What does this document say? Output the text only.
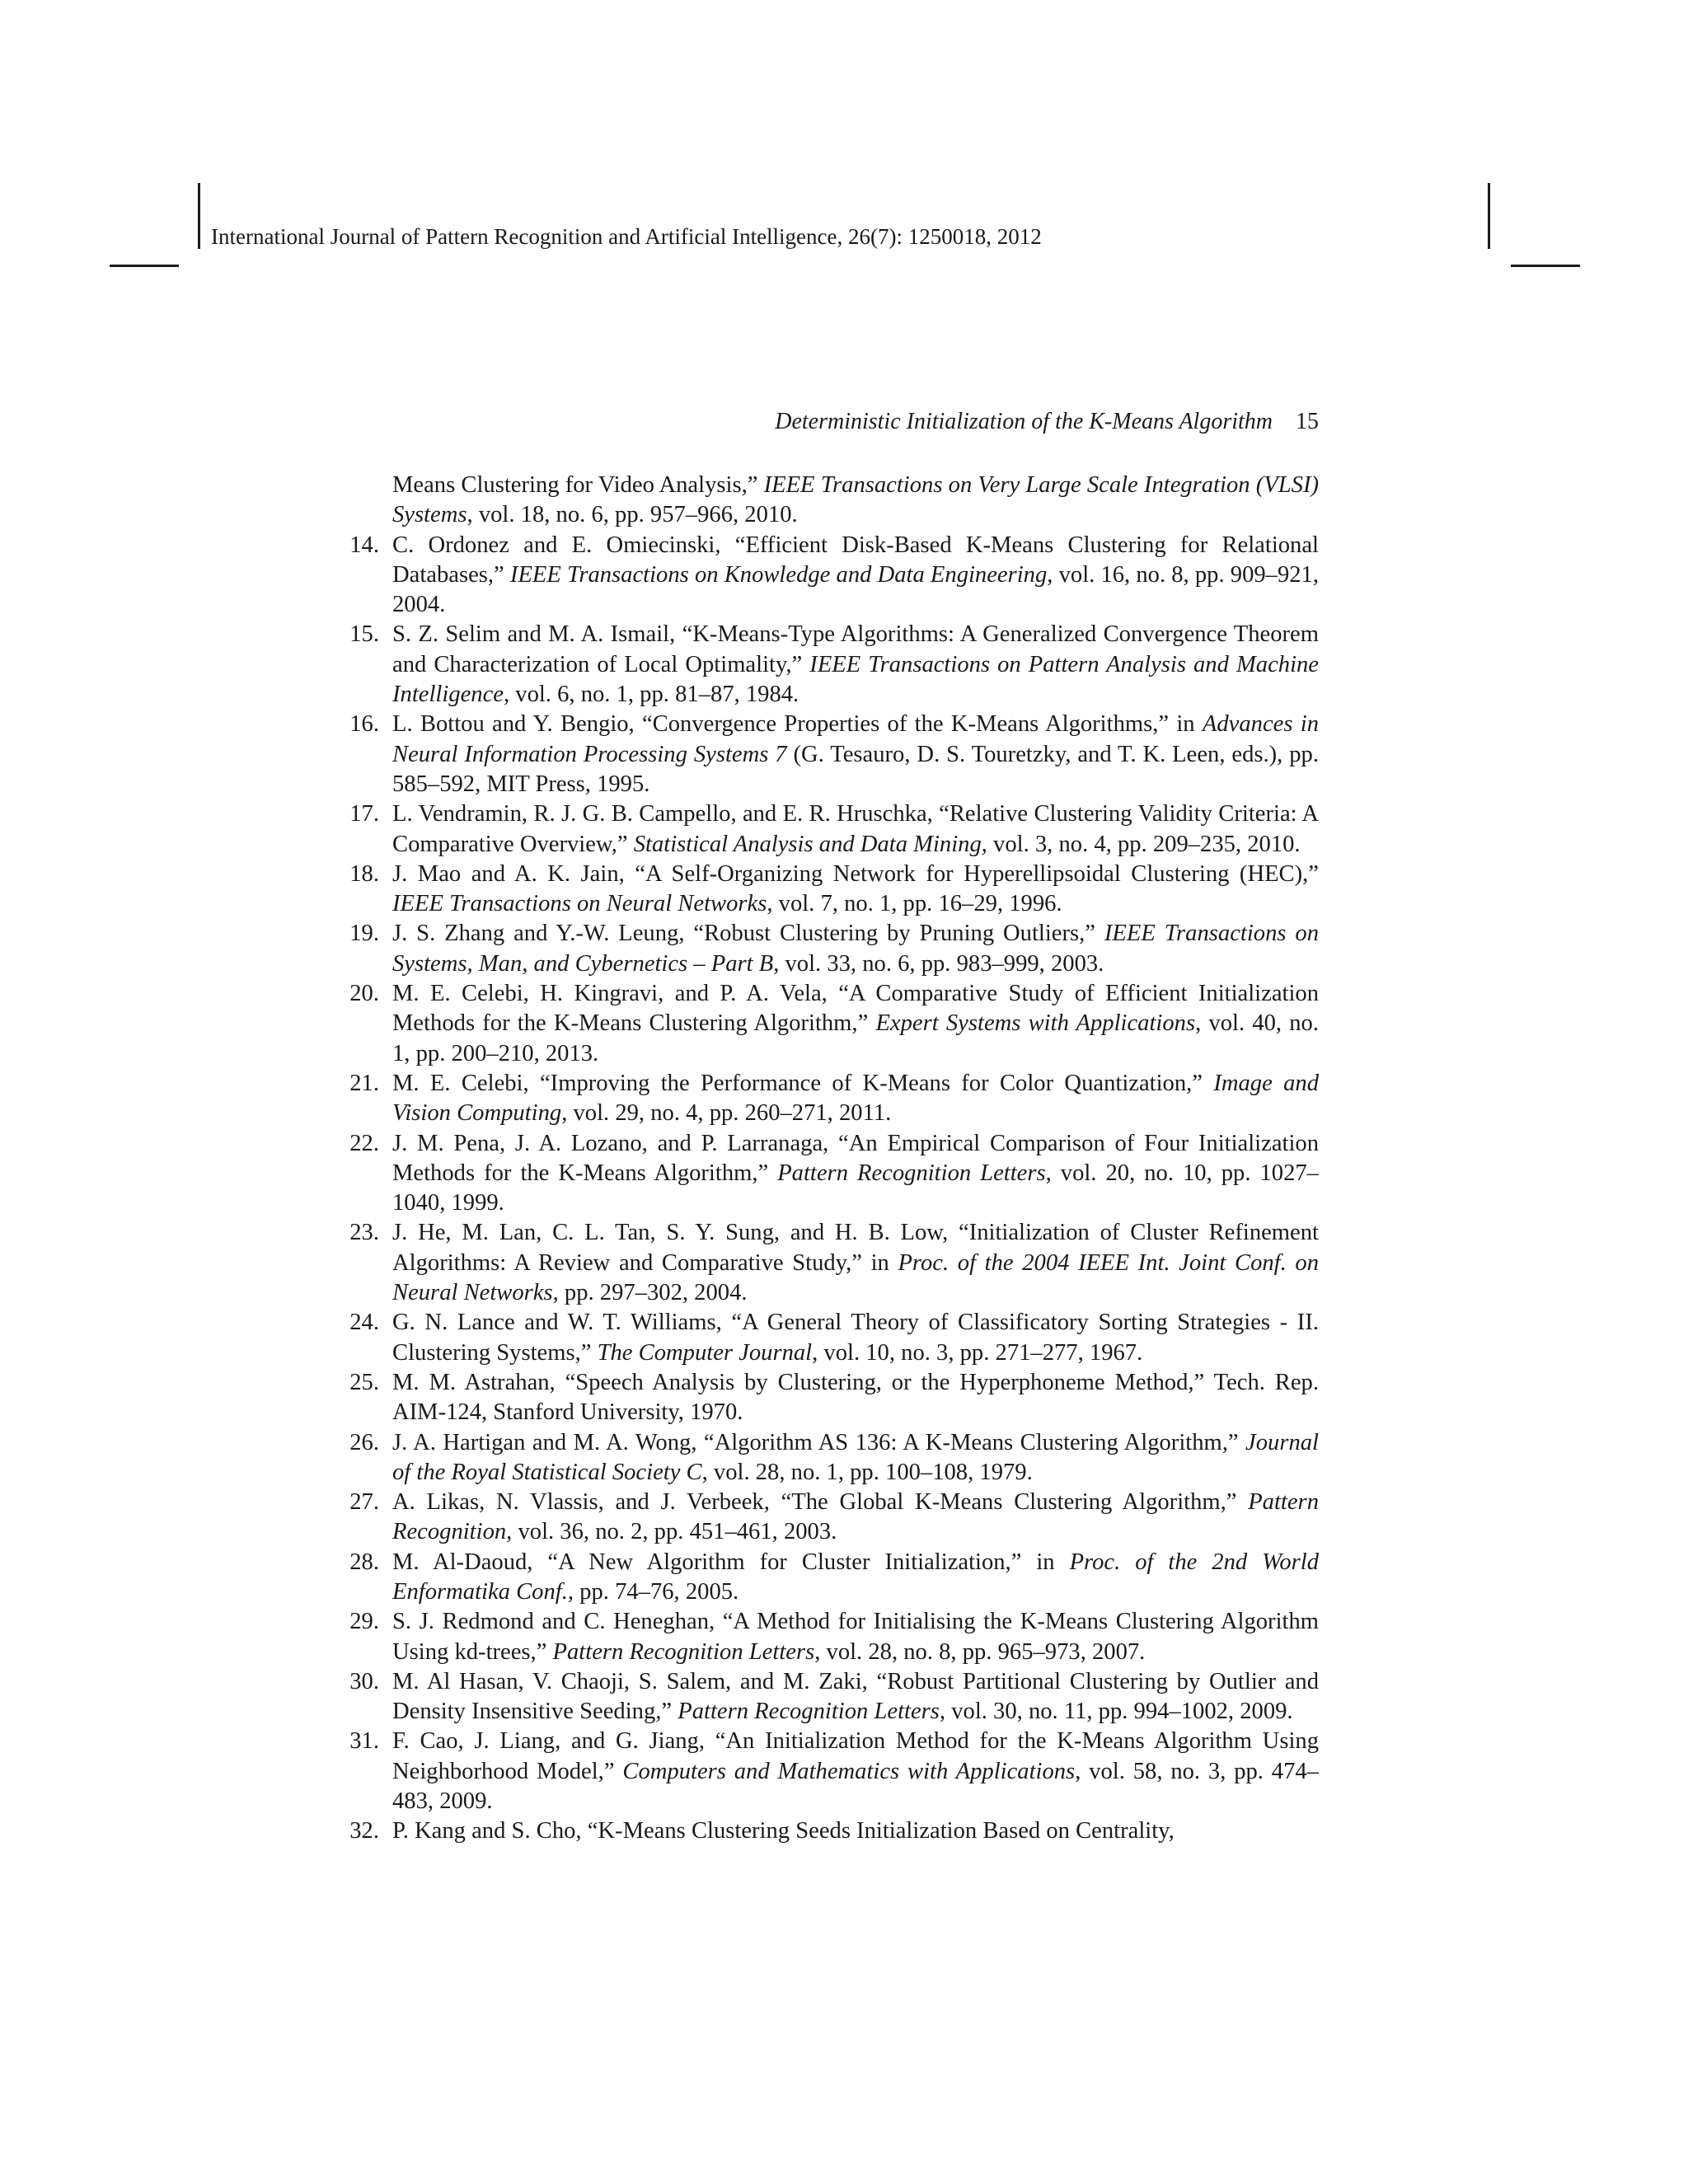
International Journal of Pattern Recognition and Artificial Intelligence, 26(7): 1250018, 2012
Deterministic Initialization of the K-Means Algorithm 15
Means Clustering for Video Analysis,” IEEE Transactions on Very Large Scale Integration (VLSI) Systems, vol. 18, no. 6, pp. 957–966, 2010.
14. C. Ordonez and E. Omiecinski, “Efficient Disk-Based K-Means Clustering for Relational Databases,” IEEE Transactions on Knowledge and Data Engineering, vol. 16, no. 8, pp. 909–921, 2004.
15. S. Z. Selim and M. A. Ismail, “K-Means-Type Algorithms: A Generalized Convergence Theorem and Characterization of Local Optimality,” IEEE Transactions on Pattern Analysis and Machine Intelligence, vol. 6, no. 1, pp. 81–87, 1984.
16. L. Bottou and Y. Bengio, “Convergence Properties of the K-Means Algorithms,” in Advances in Neural Information Processing Systems 7 (G. Tesauro, D. S. Touretzky, and T. K. Leen, eds.), pp. 585–592, MIT Press, 1995.
17. L. Vendramin, R. J. G. B. Campello, and E. R. Hruschka, “Relative Clustering Validity Criteria: A Comparative Overview,” Statistical Analysis and Data Mining, vol. 3, no. 4, pp. 209–235, 2010.
18. J. Mao and A. K. Jain, “A Self-Organizing Network for Hyperellipsoidal Clustering (HEC),” IEEE Transactions on Neural Networks, vol. 7, no. 1, pp. 16–29, 1996.
19. J. S. Zhang and Y.-W. Leung, “Robust Clustering by Pruning Outliers,” IEEE Transactions on Systems, Man, and Cybernetics – Part B, vol. 33, no. 6, pp. 983–999, 2003.
20. M. E. Celebi, H. Kingravi, and P. A. Vela, “A Comparative Study of Efficient Initialization Methods for the K-Means Clustering Algorithm,” Expert Systems with Applications, vol. 40, no. 1, pp. 200–210, 2013.
21. M. E. Celebi, “Improving the Performance of K-Means for Color Quantization,” Image and Vision Computing, vol. 29, no. 4, pp. 260–271, 2011.
22. J. M. Pena, J. A. Lozano, and P. Larranaga, “An Empirical Comparison of Four Initialization Methods for the K-Means Algorithm,” Pattern Recognition Letters, vol. 20, no. 10, pp. 1027–1040, 1999.
23. J. He, M. Lan, C. L. Tan, S. Y. Sung, and H. B. Low, “Initialization of Cluster Refinement Algorithms: A Review and Comparative Study,” in Proc. of the 2004 IEEE Int. Joint Conf. on Neural Networks, pp. 297–302, 2004.
24. G. N. Lance and W. T. Williams, “A General Theory of Classificatory Sorting Strategies - II. Clustering Systems,” The Computer Journal, vol. 10, no. 3, pp. 271–277, 1967.
25. M. M. Astrahan, “Speech Analysis by Clustering, or the Hyperphoneme Method,” Tech. Rep. AIM-124, Stanford University, 1970.
26. J. A. Hartigan and M. A. Wong, “Algorithm AS 136: A K-Means Clustering Algorithm,” Journal of the Royal Statistical Society C, vol. 28, no. 1, pp. 100–108, 1979.
27. A. Likas, N. Vlassis, and J. Verbeek, “The Global K-Means Clustering Algorithm,” Pattern Recognition, vol. 36, no. 2, pp. 451–461, 2003.
28. M. Al-Daoud, “A New Algorithm for Cluster Initialization,” in Proc. of the 2nd World Enformatika Conf., pp. 74–76, 2005.
29. S. J. Redmond and C. Heneghan, “A Method for Initialising the K-Means Clustering Algorithm Using kd-trees,” Pattern Recognition Letters, vol. 28, no. 8, pp. 965–973, 2007.
30. M. Al Hasan, V. Chaoji, S. Salem, and M. Zaki, “Robust Partitional Clustering by Outlier and Density Insensitive Seeding,” Pattern Recognition Letters, vol. 30, no. 11, pp. 994–1002, 2009.
31. F. Cao, J. Liang, and G. Jiang, “An Initialization Method for the K-Means Algorithm Using Neighborhood Model,” Computers and Mathematics with Applications, vol. 58, no. 3, pp. 474–483, 2009.
32. P. Kang and S. Cho, “K-Means Clustering Seeds Initialization Based on Centrality,
